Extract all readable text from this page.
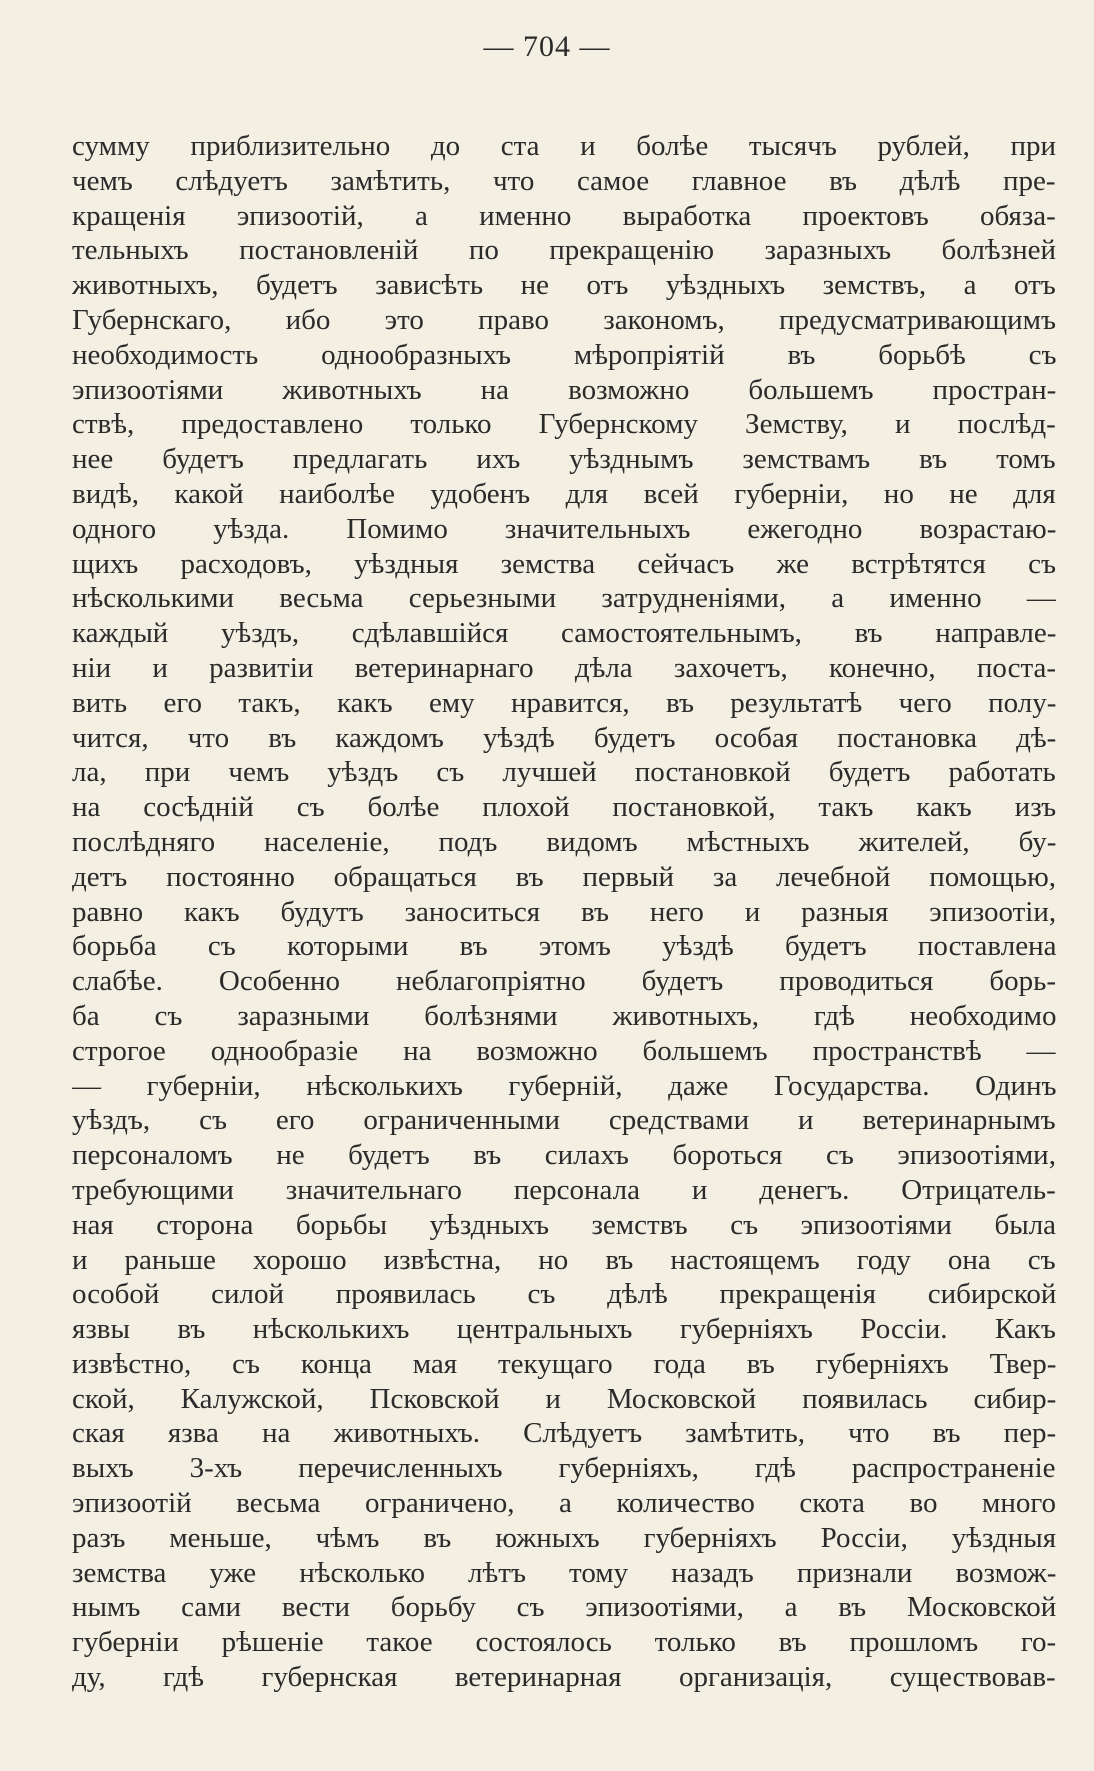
— 704 —
сумму приблизительно до ста и болѣе тысячъ рублей, при
чемъ слѣдуетъ замѣтить, что самое главное въ дѣлѣ пре-
кращенія эпизоотій, а именно выработка проектовъ обяза-
тельныхъ постановленій по прекращенію заразныхъ болѣзней
животныхъ, будетъ зависѣть не отъ уѣздныхъ земствъ, а отъ
Губернскаго, ибо это право закономъ, предусматривающимъ
необходимость однообразныхъ мѣропріятій въ борьбѣ съ
эпизоотіями животныхъ на возможно большемъ простран-
ствѣ, предоставлено только Губернскому Земству, и послѣд-
нее будетъ предлагать ихъ уѣзднымъ земствамъ въ томъ
видѣ, какой наиболѣе удобенъ для всей губерніи, но не для
одного уѣзда. Помимо значительныхъ ежегодно возрастаю-
щихъ расходовъ, уѣздныя земства сейчасъ же встрѣтятся съ
нѣсколькими весьма серьезными затрудненіями, а именно —
каждый уѣздъ, сдѣлавшійся самостоятельнымъ, въ направле-
ніи и развитіи ветеринарнаго дѣла захочетъ, конечно, поста-
вить его такъ, какъ ему нравится, въ результатѣ чего полу-
чится, что въ каждомъ уѣздѣ будетъ особая постановка дѣ-
ла, при чемъ уѣздъ съ лучшей постановкой будетъ работать
на сосѣдній съ болѣе плохой постановкой, такъ какъ изъ
послѣдняго населеніе, подъ видомъ мѣстныхъ жителей, бу-
детъ постоянно обращаться въ первый за лечебной помощью,
равно какъ будутъ заноситься въ него и разныя эпизоотіи,
борьба съ которыми въ этомъ уѣздѣ будетъ поставлена
слабѣе. Особенно неблагопріятно будетъ проводиться борь-
ба съ заразными болѣзнями животныхъ, гдѣ необходимо
строгое однообразіе на возможно большемъ пространствѣ —
— губерніи, нѣсколькихъ губерній, даже Государства. Одинъ
уѣздъ, съ его ограниченными средствами и ветеринарнымъ
персоналомъ не будетъ въ силахъ бороться съ эпизоотіями,
требующими значительнаго персонала и денегъ. Отрицатель-
ная сторона борьбы уѣздныхъ земствъ съ эпизоотіями была
и раньше хорошо извѣстна, но въ настоящемъ году она съ
особой силой проявилась съ дѣлѣ прекращенія сибирской
язвы въ нѣсколькихъ центральныхъ губерніяхъ Россіи. Какъ
извѣстно, съ конца мая текущаго года въ губерніяхъ Твер-
ской, Калужской, Псковской и Московской появилась сибир-
ская язва на животныхъ. Слѣдуетъ замѣтить, что въ пер-
выхъ 3-хъ перечисленныхъ губерніяхъ, гдѣ распространеніе
эпизоотій весьма ограничено, а количество скота во много
разъ меньше, чѣмъ въ южныхъ губерніяхъ Россіи, уѣздныя
земства уже нѣсколько лѣтъ тому назадъ признали возмож-
нымъ сами вести борьбу съ эпизоотіями, а въ Московской
губерніи рѣшеніе такое состоялось только въ прошломъ го-
ду, гдѣ губернская ветеринарная организація, существовав-
